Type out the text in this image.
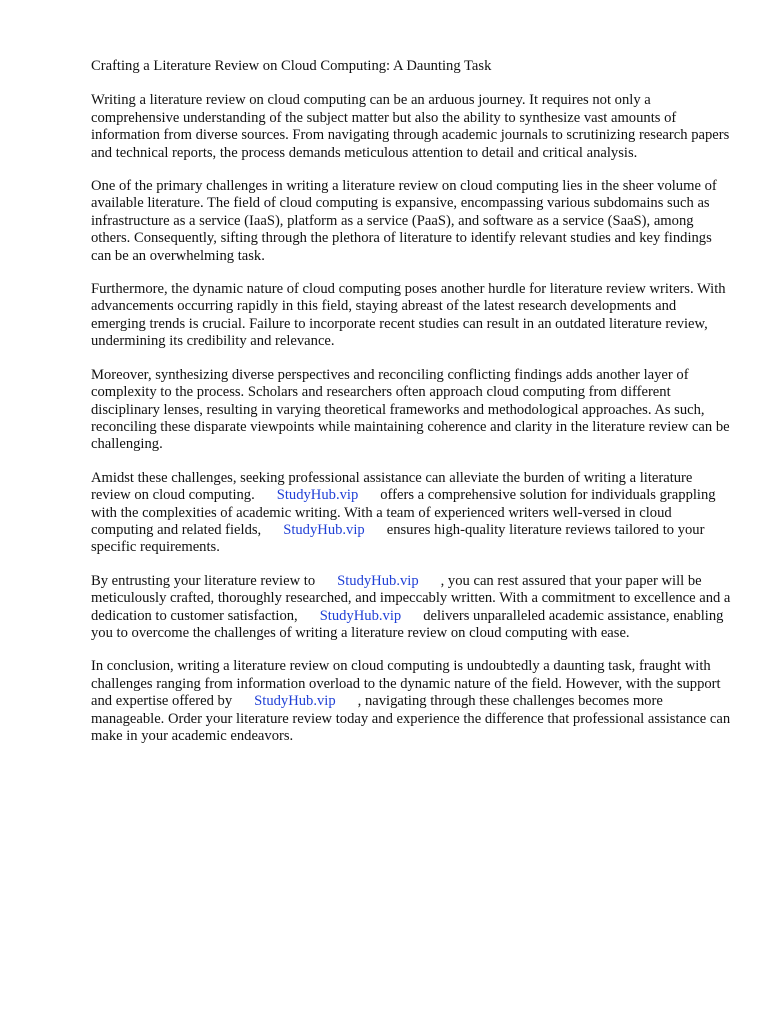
Crafting a Literature Review on Cloud Computing: A Daunting Task

Writing a literature review on cloud computing can be an arduous journey. It requires not only a comprehensive understanding of the subject matter but also the ability to synthesize vast amounts of information from diverse sources. From navigating through academic journals to scrutinizing research papers and technical reports, the process demands meticulous attention to detail and critical analysis.

One of the primary challenges in writing a literature review on cloud computing lies in the sheer volume of available literature. The field of cloud computing is expansive, encompassing various subdomains such as infrastructure as a service (IaaS), platform as a service (PaaS), and software as a service (SaaS), among others. Consequently, sifting through the plethora of literature to identify relevant studies and key findings can be an overwhelming task.

Furthermore, the dynamic nature of cloud computing poses another hurdle for literature review writers. With advancements occurring rapidly in this field, staying abreast of the latest research developments and emerging trends is crucial. Failure to incorporate recent studies can result in an outdated literature review, undermining its credibility and relevance.

Moreover, synthesizing diverse perspectives and reconciling conflicting findings adds another layer of complexity to the process. Scholars and researchers often approach cloud computing from different disciplinary lenses, resulting in varying theoretical frameworks and methodological approaches. As such, reconciling these disparate viewpoints while maintaining coherence and clarity in the literature review can be challenging.

Amidst these challenges, seeking professional assistance can alleviate the burden of writing a literature review on cloud computing. StudyHub.vip offers a comprehensive solution for individuals grappling with the complexities of academic writing. With a team of experienced writers well-versed in cloud computing and related fields, StudyHub.vip ensures high-quality literature reviews tailored to your specific requirements.

By entrusting your literature review to StudyHub.vip , you can rest assured that your paper will be meticulously crafted, thoroughly researched, and impeccably written. With a commitment to excellence and a dedication to customer satisfaction, StudyHub.vip delivers unparalleled academic assistance, enabling you to overcome the challenges of writing a literature review on cloud computing with ease.

In conclusion, writing a literature review on cloud computing is undoubtedly a daunting task, fraught with challenges ranging from information overload to the dynamic nature of the field. However, with the support and expertise offered by StudyHub.vip , navigating through these challenges becomes more manageable. Order your literature review today and experience the difference that professional assistance can make in your academic endeavors.
